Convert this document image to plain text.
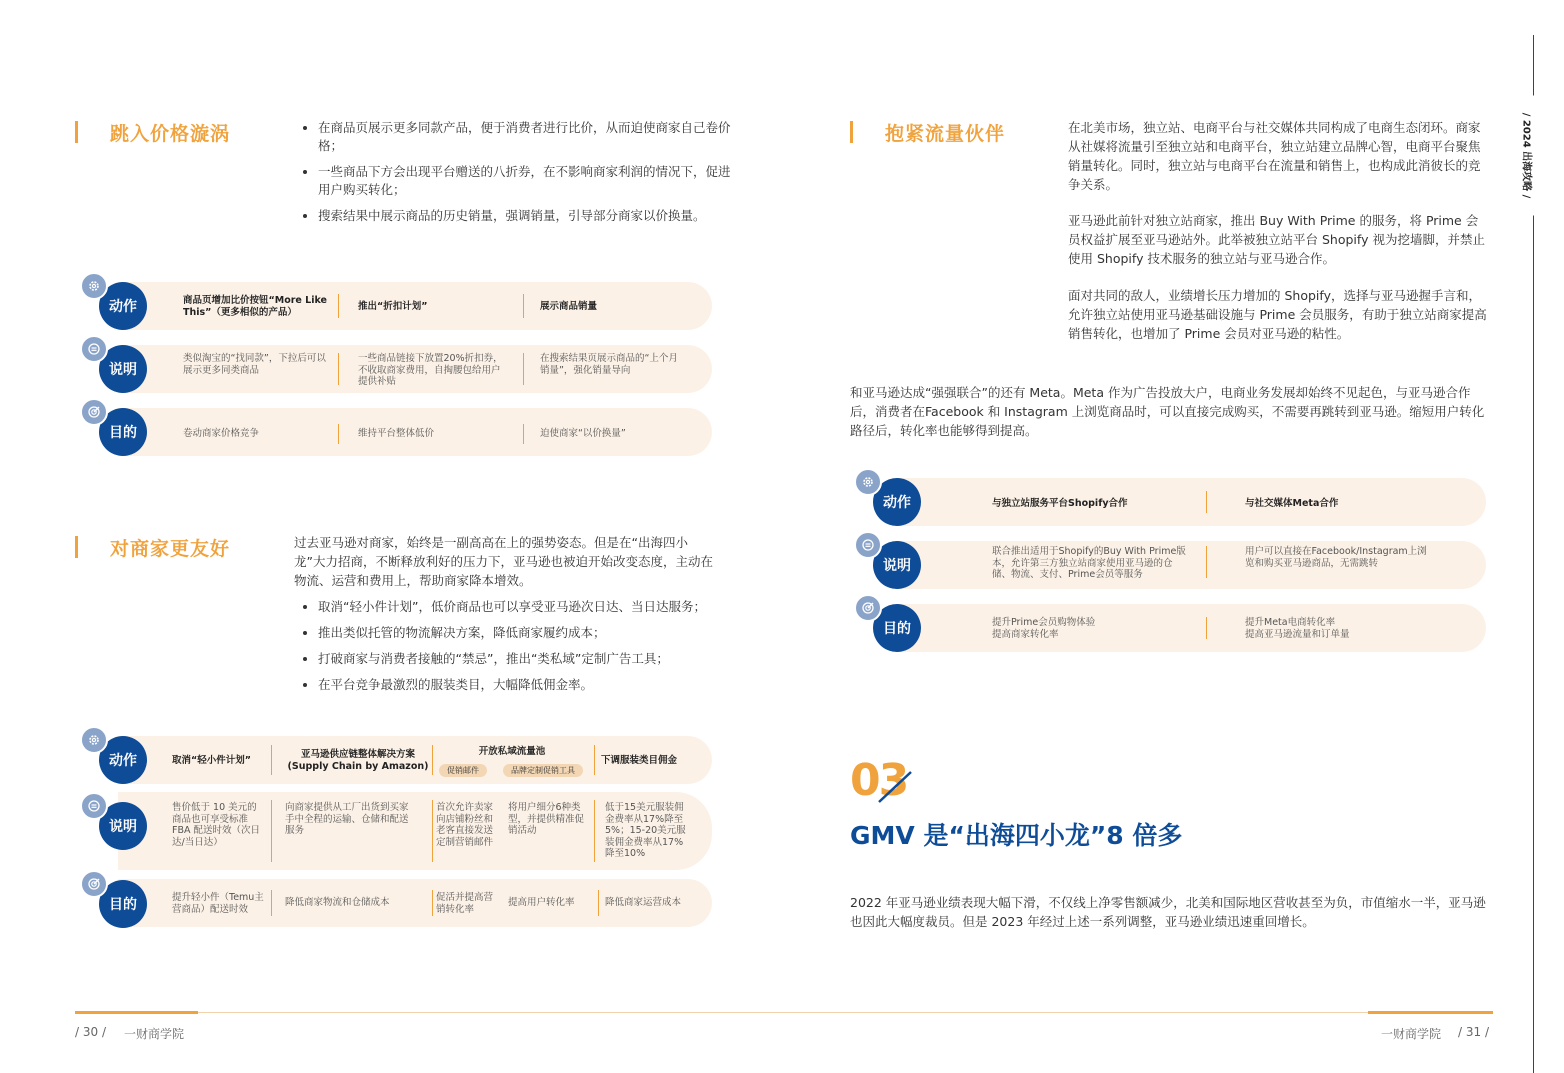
跳入价格漩涡
•	在商品页展示更多同款产品，便于消费者进行比价，从而迫使商家自己卷价格；
• 一些商品下方会出现平台赠送的八折券，在不影响商家利润的情况下，促进用户购买转化；
• 搜索结果中展示商品的历史销量，强调销量，引导部分商家以价换量。
动作
说明
目的
商品页增加比价按钮“More Like This”（更多相似的产品）	推出“折扣计划”	展示商品销量
类似淘宝的“找同款”，下拉后可以展示更多同类商品
一些商品链接下放置20%折扣券，不收取商家费用，自掏腰包给用户提供补贴
在搜索结果页展示商品的“上个月销量”，强化销量导向
卷动商家价格竞争	维持平台整体低价	迫使商家“以价换量”
对商家更友好	过去亚马逊对商家，始终是一副高高在上的强势姿态。但是在“出海四小龙”大力招商，不断释放利好的压力下，亚马逊也被迫开始改变态度，主动在物流、运营和费用上，帮助商家降本增效。

• 取消“轻小件计划”，低价商品也可以享受亚马逊次日达、当日达服务；
• 推出类似托管的物流解决方案，降低商家履约成本；
• 打破商家与消费者接触的“禁忌”，推出“类私域”定制广告工具；
• 在平台竞争最激烈的服装类目，大幅降低佣金率。
动作
说明
目的
取消“轻小件计划”
亚马逊供应链整体解决方案(Supply Chain by Amazon)
开放私域流量池
促销邮件	品牌定制促销工具
下调服装类目佣金
售价低于 10 美元的商品也可享受标准 FBA 配送时效（次日达/当日达）
向商家提供从工厂出货到买家手中全程的运输、仓储和配送服务
首次允许卖家向店铺粉丝和老客直接发送定制营销邮件
将用户细分6种类型，并提供精准促销活动
低于15美元服装佣金费率从17%降至5%；15-20美元服装佣金费率从17%降至10%
提升轻小件（Temu主营商品）配送时效
降低商家物流和仓储成本	促活并提高营销转化率
提高用户转化率	降低商家运营成本
/ 30 / 一财商学院
抱紧流量伙伴	在北美市场，独立站、电商平台与社交媒体共同构成了电商生态闭环。商家从社媒将流量引至独立站和电商平台，独立站建立品牌心智，电商平台聚焦销量转化。同时，独立站与电商平台在流量和销售上，也构成此消彼长的竞争关系。

亚马逊此前针对独立站商家，推出 Buy With Prime 的服务，将 Prime 会员权益扩展至亚马逊站外。此举被独立站平台 Shopify 视为挖墙脚，并禁止使用 Shopify 技术服务的独立站与亚马逊合作。

面对共同的敌人，业绩增长压力增加的 Shopify，选择与亚马逊握手言和，允许独立站使用亚马逊基础设施与 Prime 会员服务，有助于独立站商家提高销售转化，也增加了 Prime 会员对亚马逊的粘性。

和亚马逊达成“强强联合”的还有 Meta。Meta 作为广告投放大户，电商业务发展却始终不见起色，与亚马逊合作后，消费者在Facebook 和 Instagram 上浏览商品时，可以直接完成购买，不需要再跳转到亚马逊。缩短用户转化路径后，转化率也能够得到提高。

动作
说明
目的
与独立站服务平台Shopify合作	与社交媒体Meta合作
联合推出适用于Shopify的Buy With Prime版本，允许第三方独立站商家使用亚马逊的仓储、物流、支付、Prime会员等服务
用户可以直接在Facebook/Instagram上浏览和购买亚马逊商品，无需跳转
提升Prime会员购物体验
提高商家转化率
提升Meta电商转化率
提高亚马逊流量和订单量
03
GMV 是“出海四小龙”8 倍多

2022 年亚马逊业绩表现大幅下滑，不仅线上净零售额减少，北美和国际地区营收甚至为负，市值缩水一半，亚马逊也因此大幅度裁员。但是 2023 年经过上述一系列调整，亚马逊业绩迅速重回增长。

一财商学院 / 31 /
/ 2024 出海攻略 /
